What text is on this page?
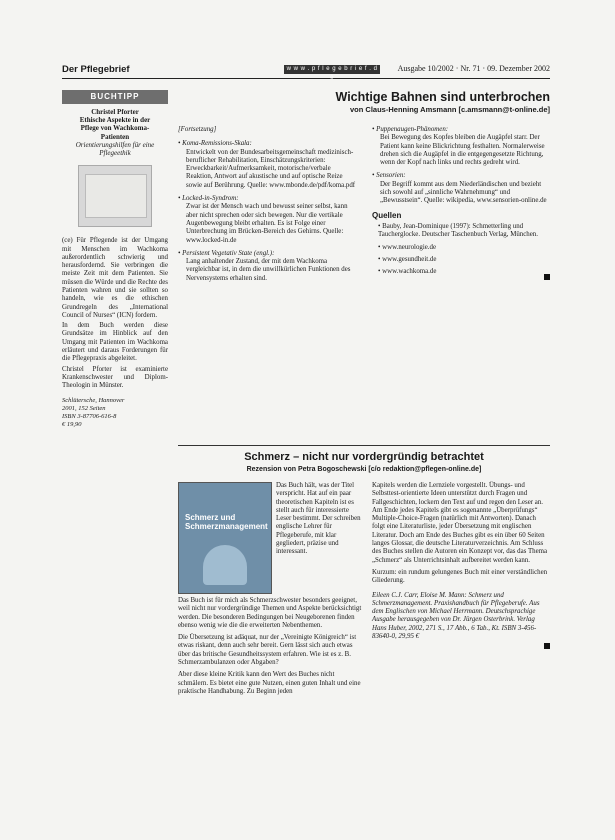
Der Pflegebrief	w w w . p f l e g e b r i e f . d e
Ausgabe 10/2002 · Nr. 71 · 09. Dezember 2002
BUCHTIPP
Christel Pforter
Ethische Aspekte in der
Pflege von Wachkoma-
Patienten
Orientierungshilfen für eine Pflegeethik

(ce) Für Pflegende ist der Umgang mit Menschen im Wachkoma außerordentlich schwierig und herausfordernd. Sie verbringen die meiste Zeit mit dem Patienten. Sie müssen die Würde und die Rechte des Patienten wahren und sie sollten so handeln, wie es die ethischen Grundregeln des „International Council of Nurses“ (ICN) fordern.

In dem Buch werden diese Grundsätze im Hinblick auf den Umgang mit Patienten im Wachkoma erläutert und daraus Forderungen für die Pflegepraxis abgeleitet.

Christel Pforter ist examinierte Krankenschwester und Diplom-Theologin in Münster.

Schlütersche, Hannover
2001, 152 Seiten
ISBN 3-87706-616-8
€ 19,90
Wichtige Bahnen sind unterbrochen
von Claus-Henning Amsmann [c.amsmann@t-online.de]
[Fortsetzung]
• Koma-Remissions-Skala:
Entwickelt von der Bundesarbeitsgemeinschaft medizinisch-beruflicher Rehabilitation, Einschätzungskriterien: Erweckbarkeit/Aufmerksamkeit, motorische/verbale Reaktion, Antwort auf akustische und auf optische Reize sowie auf Berührung. Quelle: www.mbonde.de/pdf/koma.pdf
• Locked-in-Syndrom:
Zwar ist der Mensch wach und bewusst seiner selbst, kann aber nicht sprechen oder sich bewegen. Nur die vertikale Augenbewegung bleibt erhalten. Es ist Folge einer Unterbrechung im Brücken-Bereich des Gehirns. Quelle: www.locked-in.de
• Persistent Vegetativ State (engl.):
Lang anhaltender Zustand, der mit dem Wachkoma vergleichbar ist, in dem die unwillkürlichen Funktionen des Nervensystems erhalten sind.
• Puppenaugen-Phänomen:
Bei Bewegung des Kopfes bleiben die Augäpfel starr. Der Patient kann keine Blickrichtung festhalten. Normalerweise drehen sich die Augäpfel in die entgegengesetzte Richtung, wenn der Kopf nach links und rechts gedreht wird.
• Sensorien:
Der Begriff kommt aus dem Niederländischen und bezieht sich sowohl auf „sinnliche Wahrnehmung“ und „Bewusstsein“. Quelle: wikipedia, www.sensorien-online.de
Quellen
• Bauby, Jean-Dominique (1997): Schmetterling und Taucherglocke. Deutscher Taschenbuch Verlag, München.
• www.neurologie.de
• www.gesundheit.de
• www.wachkoma.de
Schmerz – nicht nur vordergründig betrachtet
Rezension von Petra Bogoschewski [c/o redaktion@pflegen-online.de]
Schmerz und Schmerzmanagement
Das Buch hält, was der Titel verspricht. Hat auf ein paar theoretischen Kapiteln ist es stellt auch für interessierte Leser bestimmt. Der schreiben englische Lehrer für Pflegeberufe, mit klar gegliedert, präzise und interessant.

Das Buch ist für mich als Schmerzschwester besonders geeignet, weil nicht nur vordergründige Themen und Aspekte berücksichtigt werden. Die besonderen Bedingungen bei Neugeborenen finden ebenso wenig wie die die erweiterten Nebenthemen.

Die Übersetzung ist adäquat, nur der „Vereinigte Königreich“ ist etwas riskant, denn auch sehr bereit. Gern lässt sich auch etwas über das britische Gesundheitssystem erfahren. Wie ist es z. B. Schmerzambulanzen oder Abgaben?

Aber diese kleine Kritik kann den Wert des Buches nicht schmälern. Es bietet eine gute Nutzen, einen guten Inhalt und eine praktische Handhabung. Zu Beginn jeden

Kapitels werden die Lernziele vorgestellt. Übungs- und Selbsttest-orientierte Ideen unterstützt durch Fragen und Fallgeschichten, lockern den Text auf und regen den Leser an. Am Ende jedes Kapitels gibt es sogenannte „Überprüfungs“ Multiple-Choice-Fragen (natürlich mit Antworten). Danach folgt eine Literaturliste, jeder Übersetzung mit englischen Literatur. Doch am Ende des Buches gibt es ein über 60 Seiten langes Glossar, die deutsche Literaturverzeichnis. Am Schluss des Buches stellen die Autoren ein Konzept vor, das das Thema „Schmerz“ als Unterrichtsinhalt aufbereitet werden kann.

Kurzum: ein rundum gelungenes Buch mit einer verständlichen Gliederung.

Eileen C.J. Carr, Eloise M. Mann: Schmerz und Schmerzmanagement. Praxishandbuch für Pflegeberufe. Aus dem Englischen von Michael Herrmann. Deutschsprachige Ausgabe herausgegeben von Dr. Jürgen Osterbrink. Verlag Hans Huber, 2002, 271 S., 17 Abb., 6 Tab., Kt. ISBN 3-456-83640-0, 29,95 €
